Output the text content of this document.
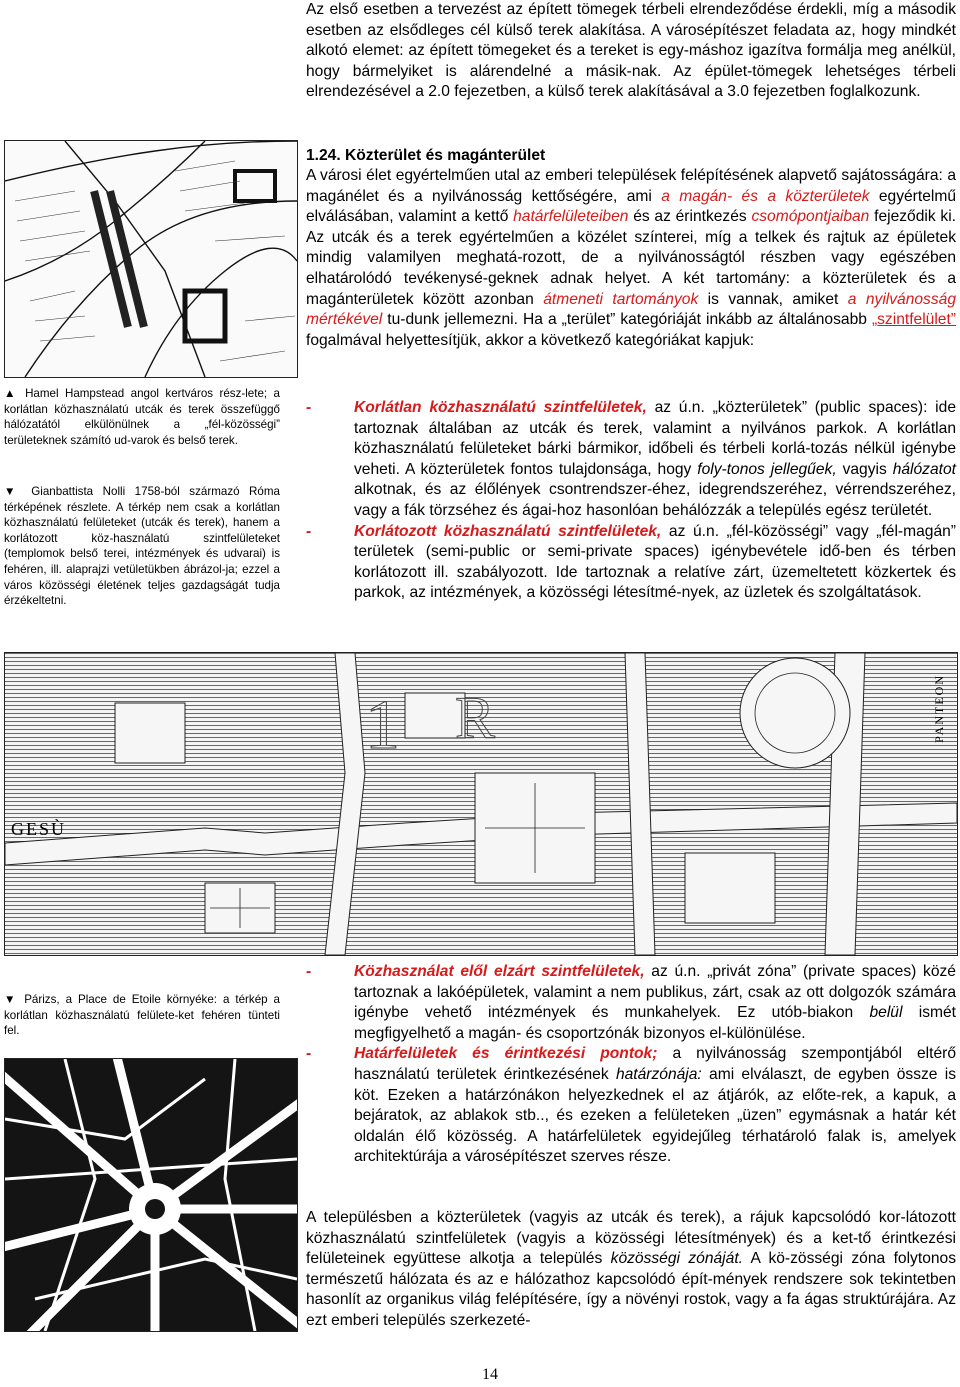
Az első esetben a tervezést az épített tömegek térbeli elrendeződése érdekli, míg a második esetben az elsődleges cél külső terek alakítása. A városépítészet feladata az, hogy mindkét alkotó elemet: az épített tömegeket és a tereket is egy-máshoz igazítva formálja meg anélkül, hogy bármelyiket is alárendelné a másik-nak. Az épület-tömegek lehetséges térbeli elrendezésével a 2.0 fejezetben, a külső terek alakításával a 3.0 fejezetben foglalkozunk.

1.24. Közterület és magánterület

A városi élet egyértelműen utal az emberi települések felépítésének alapvető sajátosságára: a magánélet és a nyilvánosság kettőségére, ami a magán- és a közterületek egyértelmű elválásában, valamint a kettő határfelületeiben és az érintkezés csomópontjaiban fejeződik ki. Az utcák és a terek egyértelműen a közélet színterei, míg a telkek és rajtuk az épületek mindig valamilyen meghatá-rozott, de a nyilvánosságtól részben vagy egészében elhatárolódó tevékenysé-geknek adnak helyet. A két tartomány: a közterületek és a magánterületek között azonban átmeneti tartományok is vannak, amiket a nyilvánosság mértékével tu-dunk jellemezni. Ha a „terület” kategóriáját inkább az általánosabb „szintfelület” fogalmával helyettesítjük, akkor a következő kategóriákat kapjuk:

▲ Hamel Hampstead angol kertváros rész-lete; a korlátlan közhasználatú utcák és terek összefüggő hálózatától elkülönülnek a „fél-közösségi” területeknek számító ud-varok és belső terek.

▼ Gianbattista Nolli 1758-ból származó Róma térképének részlete. A térkép nem csak a korlátlan közhasználatú felületeket (utcák és terek), hanem a korlátozott köz-használatú szintfelületeket (templomok belső terei, intézmények és udvarai) is fehéren, ill. alaprajzi vetületükben ábrázol-ja; ezzel a város közösségi életének teljes gazdagságát tudja érzékeltetni.

-	Korlátlan közhasználatú szintfelületek, az ú.n. „közterületek” (public spaces): ide tartoznak általában az utcák és terek, valamint a nyilvános parkok. A korlátlan közhasználatú felületeket bárki bármikor, időbeli és térbeli korlá-tozás nélkül igénybe veheti. A közterületek fontos tulajdonsága, hogy foly-tonos jellegűek, vagyis hálózatot alkotnak, és az élőlények csontrendszer-éhez, idegrendszeréhez, vérrendszeréhez, vagy a fák törzséhez és ágai-hoz hasonlóan behálózzák a település egész területét.
-	Korlátozott közhasználatú szintfelületek, az ú.n. „fél-közösségi” vagy „fél-magán” területek (semi-public or semi-private spaces) igénybevétele idő-ben és térben korlátozott ill. szabályozott. Ide tartoznak a relatíve zárt, üzemeltetett közkertek és parkok, az intézmények, a közösségi létesítmé-nyek, az üzletek és szolgáltatások.
1 R
GESÙ
PANTEON

▼ Párizs, a Place de Etoile környéke: a térkép a korlátlan közhasználatú felülete-ket fehéren tünteti fel.

-	Közhasználat elől elzárt szintfelületek, az ú.n. „privát zóna” (private spaces) közé tartoznak a lakóépületek, valamint a nem publikus, zárt, csak az ott dolgozók számára igénybe vehető intézmények és munkahelyek. Ez utób-biakon belül ismét megfigyelhető a magán- és csoportzónák bizonyos el-különülése.
-	Határfelületek és érintkezési pontok; a nyilvánosság szempontjából eltérő használatú területek érintkezésének határzónája: ami elválaszt, de egyben össze is köt. Ezeken a határzónákon helyezkednek el az átjárók, az előte-rek, a kapuk, a bejáratok, az ablakok stb.., és ezeken a felületeken „üzen” egymásnak a határ két oldalán élő közösség. A határfelületek egyidejűleg térhatároló falak is, amelyek architektúrája a városépítészet szerves része.

A településben a közterületek (vagyis az utcák és terek), a rájuk kapcsolódó kor-látozott közhasználatú szintfelületek (vagyis a közösségi létesítmények) és a ket-tő érintkezési felületeinek együttese alkotja a település közösségi zónáját. A kö-zösségi zóna folytonos természetű hálózata és az e hálózathoz kapcsolódó épít-mények rendszere sok tekintetben hasonlít az organikus világ felépítésére, így a növényi rostok, vagy a fa ágas struktúrájára. Az ezt emberi település szerkezeté-

14
